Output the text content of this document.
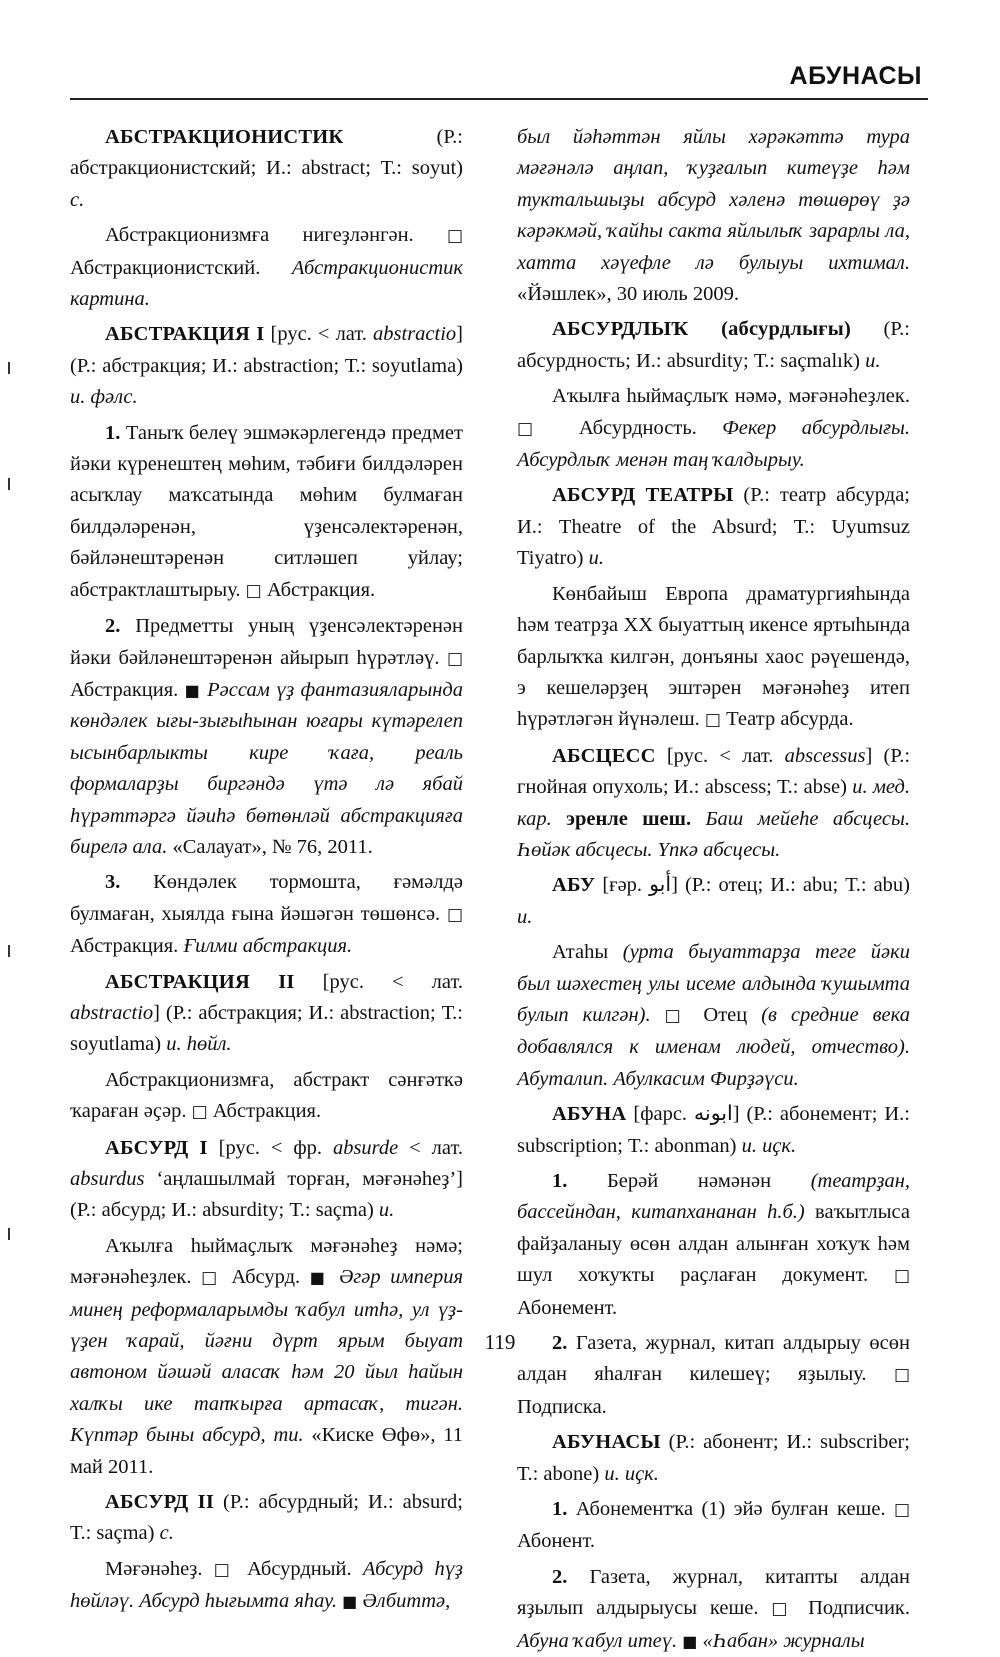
АБУНАСЫ

АБСТРАКЦИОНИСТИК (Р.: абстракционистский; И.: abstract; Т.: soyut) с.

Абстракционизмға нигеҙләнгән. □ Абстракционистский. Абстракционистик картина.

АБСТРАКЦИЯ I [рус. < лат. abstractio] (Р.: абстракция; И.: abstraction; Т.: soyutlama) и. фәлс.

1. Таныҡ белеү эшмәкәрлегендә предмет йәки күренештең мөһим, тәбиғи билдәләрен асыҡлау маҡсатында мөһим булмаған билдәләренән, үҙенсәлектәренән, бәйләнештәренән ситләшеп уйлау; абстрактлаштырыу. □ Абстракция.

2. Предметты уның үҙенсәлектәренән йәки бәйләнештәренән айырып һүрәтләү. □ Абстракция. ■ Рәссам үҙ фантазияларында көндәлек ығы-зығыһынан юғары күтәрелеп ысынбарлыкты кире ҡаға, реаль формаларҙы биргәндә үтә лә ябай һүрәттәргә йәиһә бөтөнләй абстракцияға бирелә ала. «Салауат», № 76, 2011.

3. Көндәлек тормошта, ғәмәлдә булмаған, хыялда ғына йәшәгән төшөнсә. □ Абстракция. Ғилми абстракция.

АБСТРАКЦИЯ II [рус. < лат. abstractio] (Р.: абстракция; И.: abstraction; Т.: soyutlama) и. һөйл.

Абстракционизмға, абстракт сәнғәткә ҡараған әҫәр. □ Абстракция.

АБСУРД I [рус. < фр. absurde < лат. absurdus ‘аңлашылмай торған, мәғәнәһеҙ’] (Р.: абсурд; И.: absurdity; Т.: saçma) и.

Аҡылға һыймаҫлыҡ мәғәнәһеҙ нәмә; мәғәнәһеҙлек. □ Абсурд. ■ Әгәр империя минең реформаларымды ҡабул итһә, ул үҙ-үҙен ҡарай, йәғни дүрт ярым быуат автоном йәшәй аласаҡ һәм 20 йыл һайын халҡы ике тапҡырға артасаҡ, тигән. Күптәр быны абсурд, ти. «Киске Өфө», 11 май 2011.

АБСУРД II (Р.: абсурдный; И.: absurd; Т.: saçma) с.

Мәғәнәһеҙ. □ Абсурдный. Абсурд һүҙ һөйләү. Абсурд һығымта яһау. ■ Әлбиттә,

был йәһәттән яйлы хәрәкәттә тура мәғәнәлә аңлап, ҡуҙғалып китеүҙе һәм туктальшыҙы абсурд хәленә төшөрөү ҙә кәрәкмәй, ҡайһы сакта яйлылыҡ зарарлы ла, хатта хәүефле лә булыуы ихтимал. «Йәшлек», 30 июль 2009.

АБСУРДЛЫҠ (абсурдлығы) (Р.: абсурдность; И.: absurdity; Т.: saçmalık) и.

Аҡылға һыймаҫлыҡ нәмә, мәғәнәһеҙлек. □ Абсурдность. Фекер абсурдлығы. Абсурдлыҡ менән таң ҡалдырыу.

АБСУРД ТЕАТРЫ (Р.: театр абсурда; И.: Theatre of the Absurd; Т.: Uyumsuz Tiyatro) и.

Көнбайыш Европа драматургияһында һәм театрҙа XX быуаттың икенсе яртыһында барлыҡҡа килгән, донъяны хаос рәүешендә, э кешеләрҙең эштәрен мәғәнәһеҙ итеп һүрәтләгән йүнәлеш. □ Театр абсурда.

АБСЦЕСС [рус. < лат. abscessus] (Р.: гнойная опухоль; И.: abscess; Т.: abse) и. мед. кар. эренле шеш. Баш мейеһе абсцесы. Һөйәк абсцесы. Үпкә абсцесы.

АБУ [ғәр. أبو] (Р.: отец; И.: abu; Т.: abu) и.

Атаһы (урта быуаттарҙа теге йәки был шәхестең улы исеме алдында ҡушымта булып килгән). □ Отец (в средние века добавлялся к именам людей, отчество). Абуталип. Абулкасим Фирҙәүси.

АБУНА [фарс. ابونه] (Р.: абонемент; И.: subscription; Т.: abonman) и. иҫк.

1. Берәй нәмәнән (театрҙан, бассейндан, китапхананан һ.б.) ваҡытлыса файҙаланыу өсөн алдан алынған хоҡуҡ һәм шул хоҡуҡты раҫлаған документ. □ Абонемент.

2. Газета, журнал, китап алдырыу өсөн алдан яһалған килешеү; яҙылыу. □ Подписка.

АБУНАСЫ (Р.: абонент; И.: subscriber; Т.: abone) и. иҫк.

1. Абонементҡа (1) эйә булған кеше. □ Абонент.

2. Газета, журнал, китапты алдан яҙылып алдырыусы кеше. □ Подписчик. Абуна ҡабул итеү. ■ «Һабан» журналы

119
